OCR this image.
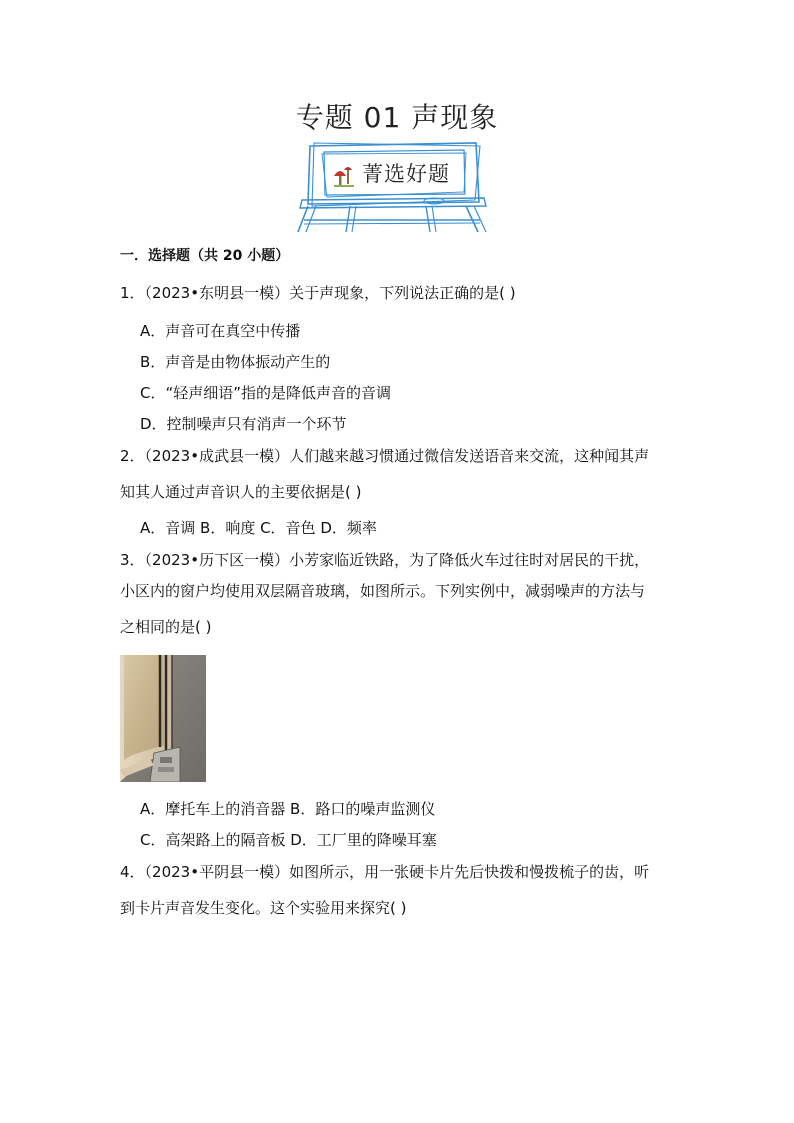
专题 01 声现象
菁选好题
一．选择题（共 20 小题）
1．（2023•东明县一模）关于声现象，下列说法正确的是( )
A．声音可在真空中传播
B．声音是由物体振动产生的
C．“轻声细语”指的是降低声音的音调
D．控制噪声只有消声一个环节
2．（2023•成武县一模）人们越来越习惯通过微信发送语音来交流，这种闻其声
知其人通过声音识人的主要依据是( )
A．音调 B．响度 C．音色 D．频率
3．（2023•历下区一模）小芳家临近铁路，为了降低火车过往时对居民的干扰，
小区内的窗户均使用双层隔音玻璃，如图所示。下列实例中，减弱噪声的方法与
之相同的是( )
A．摩托车上的消音器 B．路口的噪声监测仪
C．高架路上的隔音板 D．工厂里的降噪耳塞
4．（2023•平阴县一模）如图所示，用一张硬卡片先后快拨和慢拨梳子的齿，听
到卡片声音发生变化。这个实验用来探究( )
